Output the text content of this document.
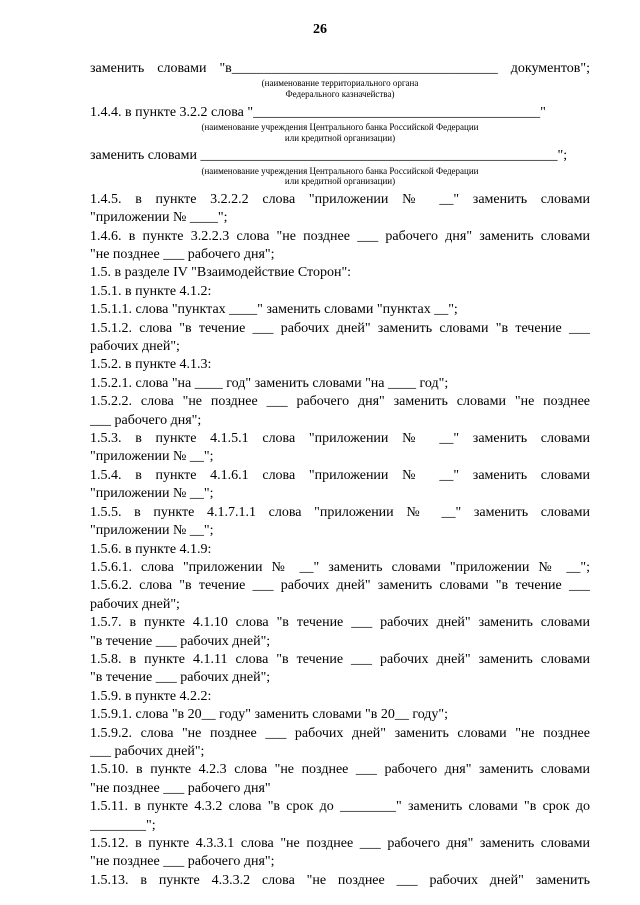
26
заменить словами "в______________________________________ документов";
(наименование территориального органа
Федерального казначейства)
1.4.4. в пункте 3.2.2 слова "_________________________________________"
(наименование учреждения Центрального банка Российской Федерации
или кредитной организации)
заменить словами ___________________________________________________";
(наименование учреждения Центрального банка Российской Федерации
или кредитной организации)
1.4.5. в пункте 3.2.2.2 слова "приложении № __" заменить словами
"приложении № ____";
1.4.6. в пункте 3.2.2.3 слова "не позднее ___ рабочего дня" заменить словами
"не позднее ___ рабочего дня";
1.5. в разделе IV "Взаимодействие Сторон":
1.5.1. в пункте 4.1.2:
1.5.1.1. слова "пунктах ____" заменить словами "пунктах __";
1.5.1.2. слова "в течение ___ рабочих дней" заменить словами "в течение ___
рабочих дней";
1.5.2. в пункте 4.1.3:
1.5.2.1. слова "на ____ год" заменить словами "на ____ год";
1.5.2.2. слова "не позднее ___ рабочего дня" заменить словами "не позднее
___ рабочего дня";
1.5.3. в пункте 4.1.5.1 слова "приложении № __" заменить словами
"приложении № __";
1.5.4. в пункте 4.1.6.1 слова "приложении № __" заменить словами
"приложении № __";
1.5.5. в пункте 4.1.7.1.1 слова "приложении № __" заменить словами
"приложении № __";
1.5.6. в пункте 4.1.9:
1.5.6.1. слова "приложении № __" заменить словами "приложении № __";
1.5.6.2. слова "в течение ___ рабочих дней" заменить словами "в течение ___
рабочих дней";
1.5.7. в пункте 4.1.10 слова "в течение ___ рабочих дней" заменить словами
"в течение ___ рабочих дней";
1.5.8. в пункте 4.1.11 слова "в течение ___ рабочих дней" заменить словами
"в течение ___ рабочих дней";
1.5.9. в пункте 4.2.2:
1.5.9.1. слова "в 20__ году" заменить словами "в 20__ году";
1.5.9.2. слова "не позднее ___ рабочих дней" заменить словами "не позднее
___ рабочих дней";
1.5.10. в пункте 4.2.3 слова "не позднее ___ рабочего дня" заменить словами
"не позднее ___ рабочего дня"
1.5.11. в пункте 4.3.2 слова "в срок до ________" заменить словами "в срок до
________";
1.5.12. в пункте 4.3.3.1 слова "не позднее ___ рабочего дня" заменить словами
"не позднее ___ рабочего дня";
1.5.13. в пункте 4.3.3.2 слова "не позднее ___ рабочих дней" заменить
